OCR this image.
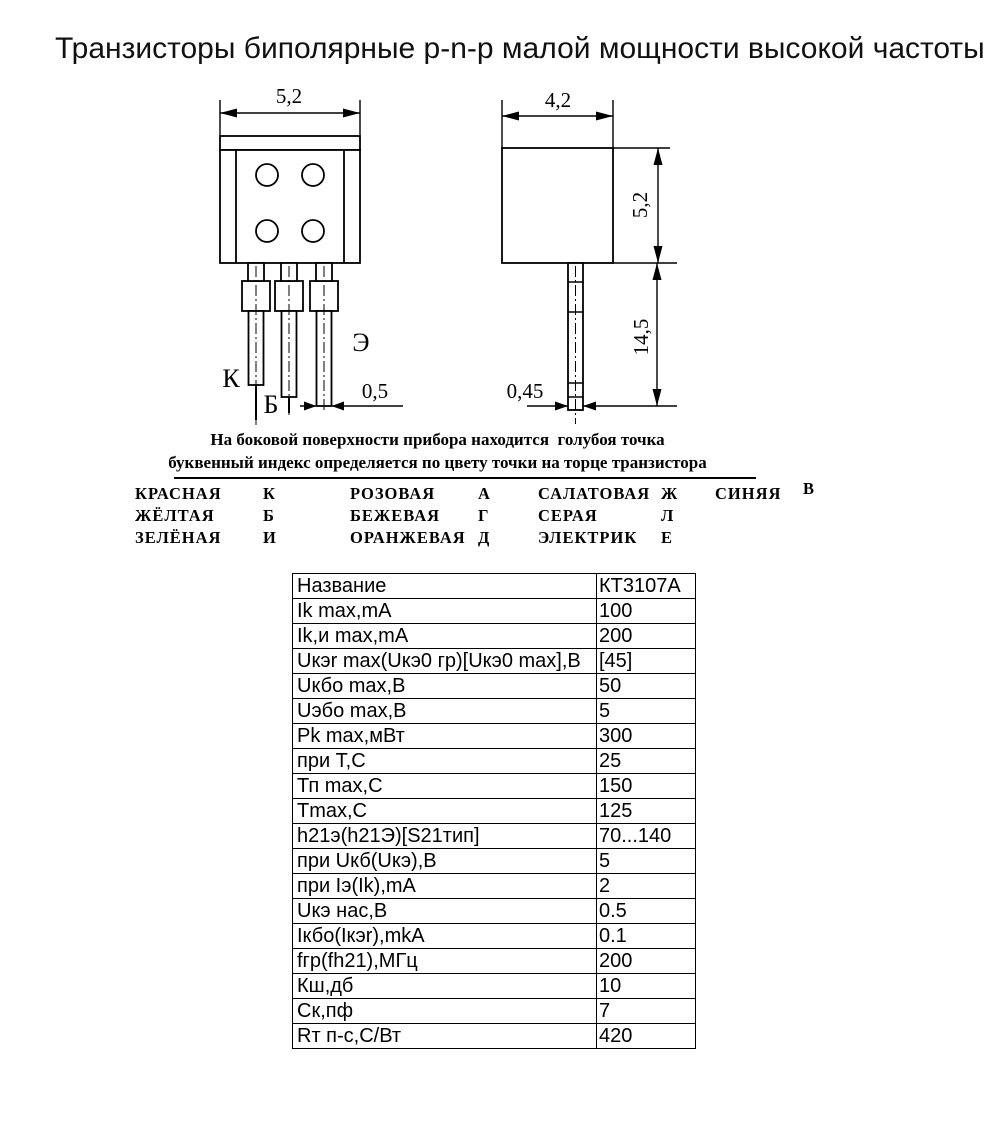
Транзисторы биполярные p-n-p малой мощности высокой частоты
5,2
К
Б
Э
0,5
4,2
5,2
14,5
0,45
На боковой поверхности прибора находится  голубоя точка
буквенный индекс определяется по цвету точки на торце транзистора
КРАСНАЯ	К	РОЗОВАЯ	А	САЛАТОВАЯ Ж	СИНЯЯ	В
ЖЁЛТАЯ	Б	БЕЖЕВАЯ	Г	СЕРАЯ	Л
ЗЕЛЁНАЯ	И	ОРАНЖЕВАЯ Д	ЭЛЕКТРИК	Е
Название	КТ3107А
Ik max,mA	100
Ik,и max,mA	200
Uкэr max(Uкэ0 гр)[Uкэ0 max],В	[45]
Uкбо max,В	50
Uэбо max,В	5
Pk max,мВт	300
при Т,С	25
Тп max,С	150
Tmax,С	125
h21э(h21Э)[S21тип]	70...140
при Uкб(Uкэ),В	5
при Iэ(Ik),mA	2
Uкэ нас,В	0.5
Iкбо(Iкэr),mkA	0.1
fгр(fh21),МГц	200
Кш,дб	10
Ск,пф	7
Rт п-с,С/Вт	420
